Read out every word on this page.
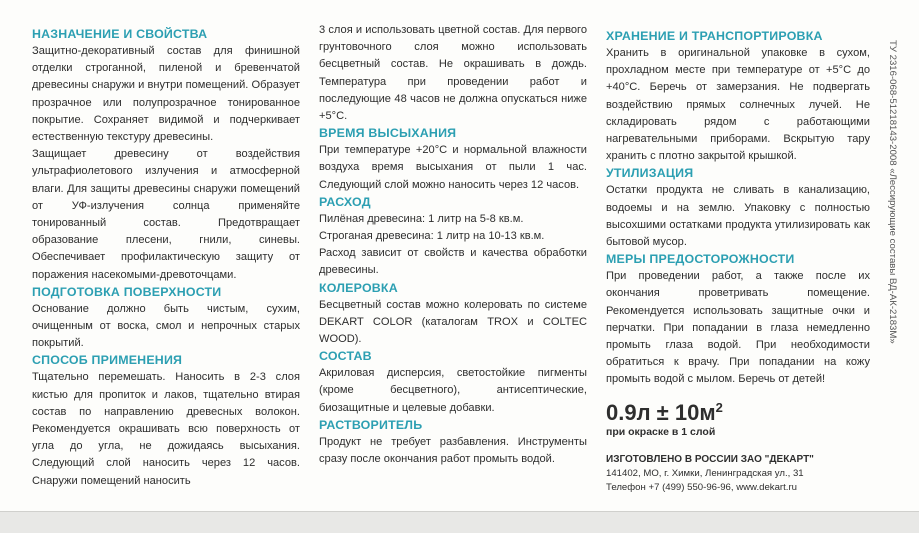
НАЗНАЧЕНИЕ И СВОЙСТВА

Защитно-декоративный состав для финишной отделки строганной, пиленой и бревенчатой древесины снаружи и внутри помещений. Образует прозрачное или полупрозрачное тонированное покрытие. Сохраняет видимой и подчеркивает естественную текстуру древесины.

Защищает древесину от воздействия ультрафиолетового излучения и атмосферной влаги. Для защиты древесины снаружи помещений от УФ-излучения солнца применяйте тонированный состав. Предотвращает образование плесени, гнили, синевы. Обеспечивает профилактическую защиту от поражения насекомыми-древоточцами.

ПОДГОТОВКА ПОВЕРХНОСТИ

Основание должно быть чистым, сухим, очищенным от воска, смол и непрочных старых покрытий.

СПОСОБ ПРИМЕНЕНИЯ

Тщательно перемешать. Наносить в 2-3 слоя кистью для пропиток и лаков, тщательно втирая состав по направлению древесных волокон. Рекомендуется окрашивать всю поверхность от угла до угла, не дожидаясь высыхания. Следующий слой наносить через 12 часов. Снаружи помещений наносить

3 слоя и использовать цветной состав. Для первого грунтовочного слоя можно использовать бесцветный состав. Не окрашивать в дождь. Температура при проведении работ и последующие 48 часов не должна опускаться ниже +5°С.

ВРЕМЯ ВЫСЫХАНИЯ

При температуре +20°С и нормальной влажности воздуха время высыхания от пыли 1 час. Следующий слой можно наносить через 12 часов.

РАСХОД

Пилёная древесина: 1 литр на 5-8 кв.м.

Строганая древесина: 1 литр на 10-13 кв.м.

Расход зависит от свойств и качества обработки древесины.

КОЛЕРОВКА

Бесцветный состав можно колеровать по системе DEKART COLOR (каталогам TROX и COLTEC WOOD).

СОСТАВ

Акриловая дисперсия, светостойкие пигменты (кроме бесцветного), антисептические, биозащитные и целевые добавки.

РАСТВОРИТЕЛЬ

Продукт не требует разбавления. Инструменты сразу после окончания работ промыть водой.

ХРАНЕНИЕ И ТРАНСПОРТИРОВКА

Хранить в оригинальной упаковке в сухом, прохладном месте при температуре от +5°С до +40°С. Беречь от замерзания. Не подвергать воздействию прямых солнечных лучей. Не складировать рядом с работающими нагревательными приборами. Вскрытую тару хранить с плотно закрытой крышкой.

УТИЛИЗАЦИЯ

Остатки продукта не сливать в канализацию, водоемы и на землю. Упаковку с полностью высохшими остатками продукта утилизировать как бытовой мусор.

МЕРЫ ПРЕДОСТОРОЖНОСТИ

При проведении работ, а также после их окончания проветривать помещение. Рекомендуется использовать защитные очки и перчатки. При попадании в глаза немедленно промыть глаза водой. При необходимости обратиться к врачу. При попадании на кожу промыть водой с мылом. Беречь от детей!

$0.9л \pm 10м^2$
при окраске в 1 слой
ИЗГОТОВЛЕНО В РОССИИ ЗАО "ДЕКАРТ"
141402, МО, г. Химки, Ленинградская ул., 31
Телефон +7 (499) 550-96-96, www.dekart.ru
ТУ 2316-068-51218143-2008 «Лессирующие составы ВД-АК-2183М»
